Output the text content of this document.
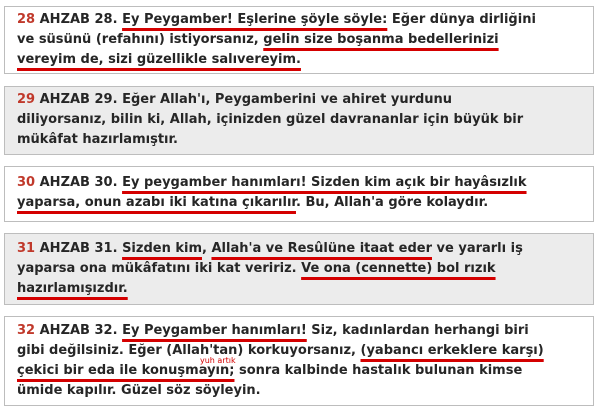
28 AHZAB 28. Ey Peygamber! Eşlerine şöyle söyle: Eğer dünya dirliğini
ve süsünü (refahını) istiyorsanız, gelin size boşanma bedellerinizi
vereyim de, sizi güzellikle salıvereyim.
29 AHZAB 29. Eğer Allah'ı, Peygamberini ve ahiret yurdunu
diliyorsanız, bilin ki, Allah, içinizden güzel davrananlar için büyük bir
mükâfat hazırlamıştır.
30 AHZAB 30. Ey peygamber hanımları! Sizden kim açık bir hayâsızlık
yaparsa, onun azabı iki katına çıkarılır. Bu, Allah'a göre kolaydır.
31 AHZAB 31. Sizden kim, Allah'a ve Resûlüne itaat eder ve yararlı iş
yaparsa ona mükâfatını iki kat veririz. Ve ona (cennette) bol rızık
hazırlamışızdır.
32 AHZAB 32. Ey Peygamber hanımları! Siz, kadınlardan herhangi biri
gibi değilsiniz. Eğer (Allah'tan) korkuyorsanız, (yabancı erkeklere karşı)
çekici bir eda ile konuşmayın; sonra kalbinde hastalık bulunan kimse
ümide kapılır. Güzel söz söyleyin.
yuh artık
